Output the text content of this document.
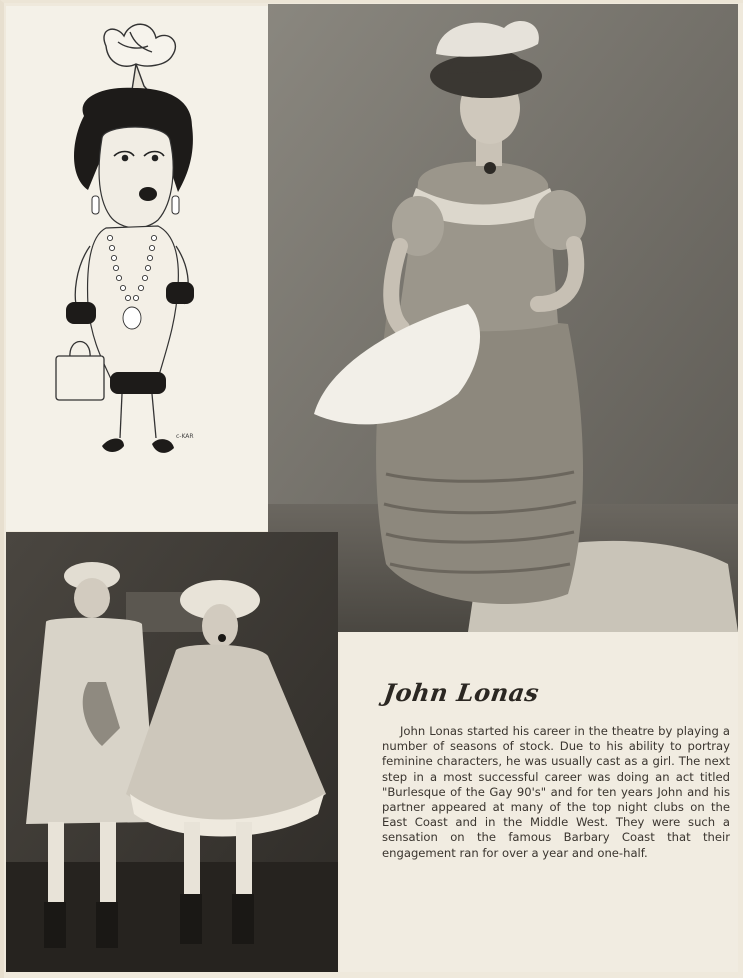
c-KAR
John Lonas

John Lonas started his career in the theatre by playing a number of seasons of stock. Due to his ability to portray feminine characters, he was usually cast as a girl. The next step in a most successful career was doing an act titled "Burlesque of the Gay 90's" and for ten years John and his partner appeared at many of the top night clubs on the East Coast and in the Middle West. They were such a sensation on the famous Barbary Coast that their engagement ran for over a year and one-half.
